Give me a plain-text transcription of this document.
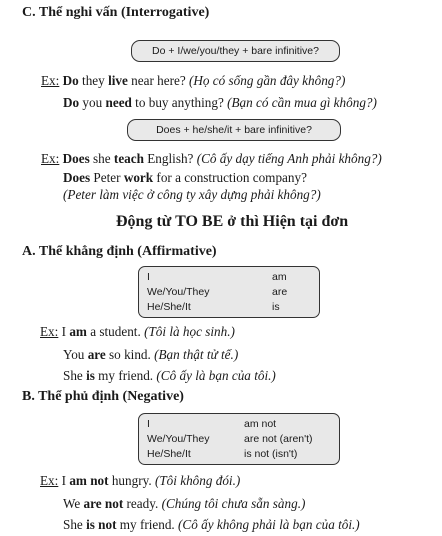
C. Thể nghi vấn (Interrogative)
Do + I/we/you/they + bare infinitive?
Ex: Do they live near here? (Họ có sống gần đây không?)
Do you need to buy anything? (Bạn có cần mua gì không?)
Does + he/she/it + bare infinitive?
Ex: Does she teach English? (Cô ấy dạy tiếng Anh phải không?)
Does Peter work for a construction company?
(Peter làm việc ở công ty xây dựng phải không?)
Động từ TO BE ở thì Hiện tại đơn
A. Thể khẳng định (Affirmative)
I	am
We/You/They	are
He/She/It	is
Ex: I am a student. (Tôi là học sinh.)
You are so kind. (Bạn thật tử tế.)
She is my friend. (Cô ấy là bạn của tôi.)
B. Thể phủ định (Negative)
I	am not
We/You/They	are not (aren't)
He/She/It	is not (isn't)
Ex: I am not hungry. (Tôi không đói.)
We are not ready. (Chúng tôi chưa sẵn sàng.)
She is not my friend. (Cô ấy không phải là bạn của tôi.)
